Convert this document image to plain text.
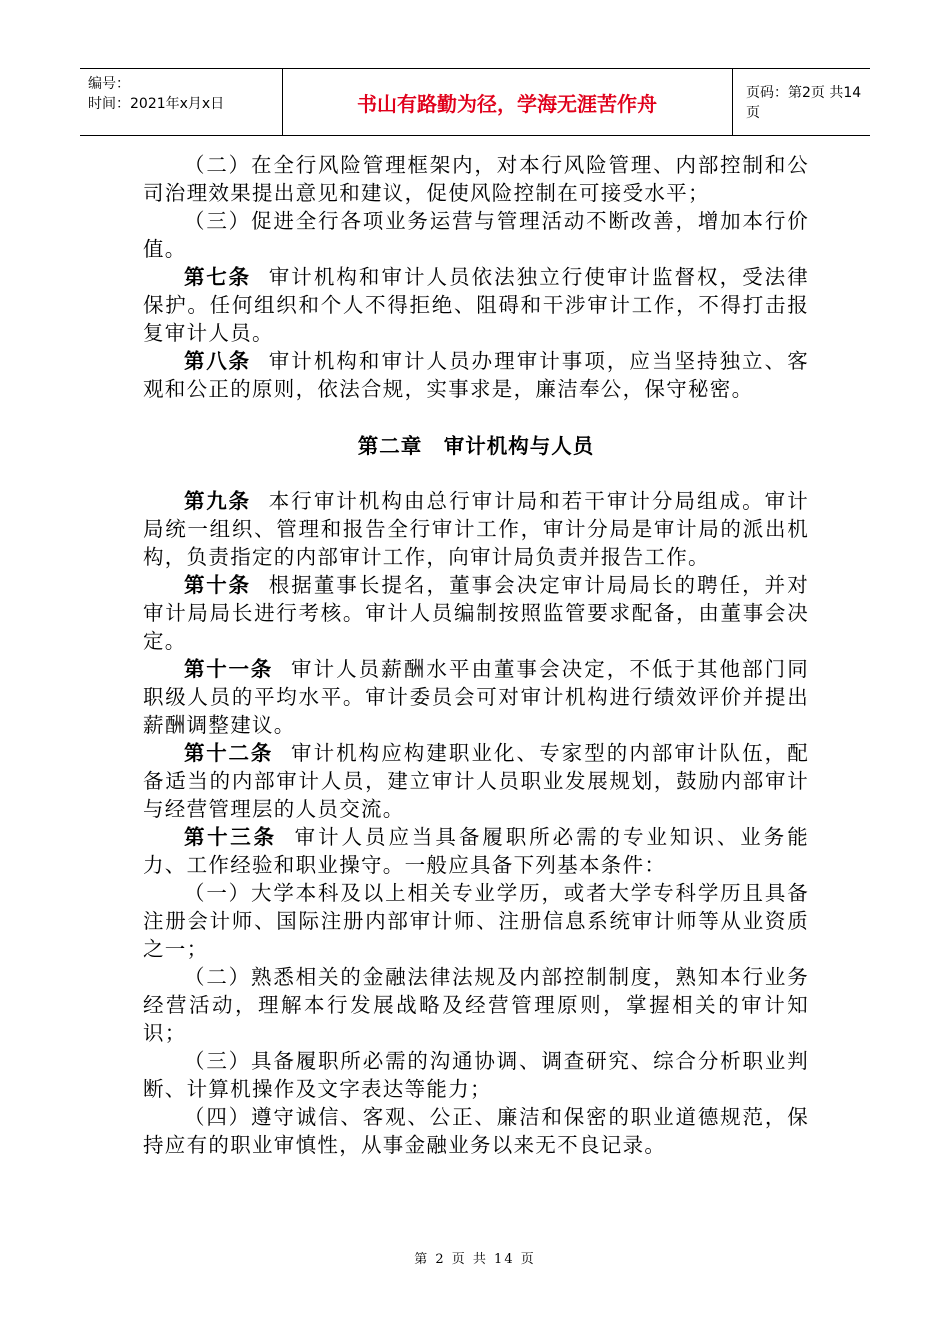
编号：
时间：2021年x月x日	书山有路勤为径，学海无涯苦作舟	页码：第2页 共14页

（二）在全行风险管理框架内，对本行风险管理、内部控制和公司治理效果提出意见和建议，促使风险控制在可接受水平；

（三）促进全行各项业务运营与管理活动不断改善，增加本行价值。

第七条 审计机构和审计人员依法独立行使审计监督权，受法律保护。任何组织和个人不得拒绝、阻碍和干涉审计工作，不得打击报复审计人员。

第八条 审计机构和审计人员办理审计事项，应当坚持独立、客观和公正的原则，依法合规，实事求是，廉洁奉公，保守秘密。

第二章　审计机构与人员

第九条 本行审计机构由总行审计局和若干审计分局组成。审计局统一组织、管理和报告全行审计工作，审计分局是审计局的派出机构，负责指定的内部审计工作，向审计局负责并报告工作。

第十条 根据董事长提名，董事会决定审计局局长的聘任，并对审计局局长进行考核。审计人员编制按照监管要求配备，由董事会决定。

第十一条 审计人员薪酬水平由董事会决定，不低于其他部门同职级人员的平均水平。审计委员会可对审计机构进行绩效评价并提出薪酬调整建议。

第十二条 审计机构应构建职业化、专家型的内部审计队伍，配备适当的内部审计人员，建立审计人员职业发展规划，鼓励内部审计与经营管理层的人员交流。

第十三条 审计人员应当具备履职所必需的专业知识、业务能力、工作经验和职业操守。一般应具备下列基本条件：

（一）大学本科及以上相关专业学历，或者大学专科学历且具备注册会计师、国际注册内部审计师、注册信息系统审计师等从业资质之一；

（二）熟悉相关的金融法律法规及内部控制制度，熟知本行业务经营活动，理解本行发展战略及经营管理原则，掌握相关的审计知识；

（三）具备履职所必需的沟通协调、调查研究、综合分析职业判断、计算机操作及文字表达等能力；

（四）遵守诚信、客观、公正、廉洁和保密的职业道德规范，保持应有的职业审慎性，从事金融业务以来无不良记录。

第 2 页 共 14 页
